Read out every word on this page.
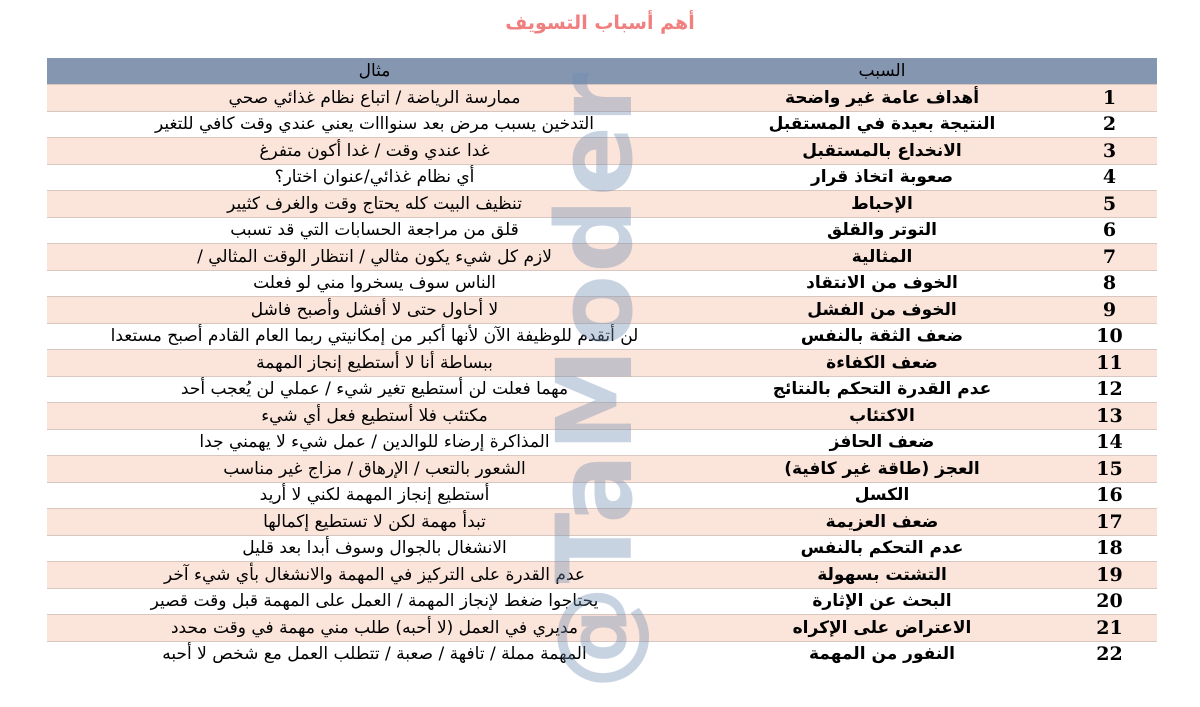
أهم أسباب التسويف
مثال	السبب	
ممارسة الرياضة / اتباع نظام غذائي صحي	أهداف عامة غير واضحة	1
التدخين يسبب مرض بعد سنوااات يعني عندي وقت كافي للتغير	النتيجة بعيدة في المستقبل	2
غدا عندي وقت / غدا أكون متفرغ	الانخداع بالمستقبل	3
أي نظام غذائي/عنوان اختار؟	صعوبة اتخاذ قرار	4
تنظيف البيت كله يحتاج وقت والغرف كثيير	الإحباط	5
قلق من مراجعة الحسابات التي قد تسبب	التوتر والقلق	6
لازم كل شيء يكون مثالي / انتظار الوقت المثالي /	المثالية	7
الناس سوف يسخروا مني لو فعلت	الخوف من الانتقاد	8
لا أحاول حتى لا أفشل وأصبح فاشل	الخوف من الفشل	9
لن أتقدم للوظيفة الآن لأنها أكبر من إمكانيتي ربما العام القادم أصبح مستعدا	ضعف الثقة بالنفس	10
ببساطة أنا لا أستطيع إنجاز المهمة	ضعف الكفاءة	11
مهما فعلت لن أستطيع تغير شيء / عملي لن يُعجب أحد	عدم القدرة التحكم بالنتائج	12
مكتئب فلا أستطيع فعل أي شيء	الاكتئاب	13
المذاكرة إرضاء للوالدين / عمل شيء لا يهمني جدا	ضعف الحافز	14
الشعور بالتعب / الإرهاق / مزاج غير مناسب	العجز (طاقة غير كافية)	15
أستطيع إنجاز المهمة لكني لا أريد	الكسل	16
تبدأ مهمة لكن لا تستطيع إكمالها	ضعف العزيمة	17
الانشغال بالجوال وسوف أبدا بعد قليل	عدم التحكم بالنفس	18
عدم القدرة على التركيز في المهمة والانشغال بأي شيء آخر	التشتت بسهولة	19
يحتاجوا ضغط لإنجاز المهمة / العمل على المهمة قبل وقت قصير	البحث عن الإثارة	20
مديري في العمل (لا أحبه) طلب مني مهمة في وقت محدد	الاعتراض على الإكراه	21
المهمة مملة / تافهة / صعبة / تتطلب العمل مع شخص لا أحبه	النفور من المهمة	22
@TaModer
